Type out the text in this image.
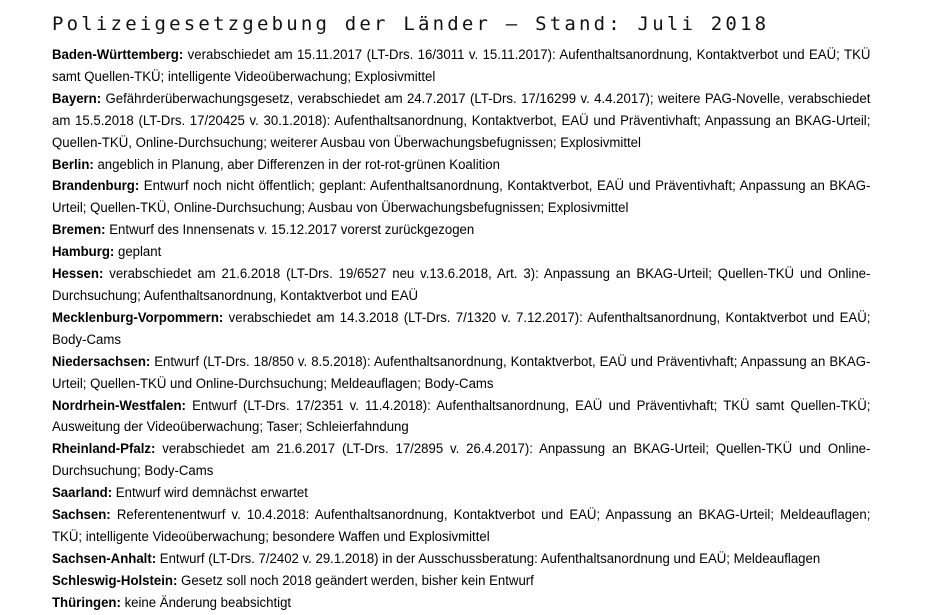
Polizeigesetzgebung der Länder – Stand: Juli 2018

Baden-Württemberg: verabschiedet am 15.11.2017 (LT-Drs. 16/3011 v. 15.11.2017): Aufenthaltsanordnung, Kontaktverbot und EAÜ; TKÜ samt Quellen-TKÜ; intelligente Videoüberwachung; Explosivmittel

Bayern: Gefährderüberwachungsgesetz, verabschiedet am 24.7.2017 (LT-Drs. 17/16299 v. 4.4.2017); weitere PAG-Novelle, verabschiedet am 15.5.2018 (LT-Drs. 17/20425 v. 30.1.2018): Aufenthaltsanordnung, Kontaktverbot, EAÜ und Präventivhaft; Anpassung an BKAG-Urteil; Quellen-TKÜ, Online-Durchsuchung; weiterer Ausbau von Überwachungsbefugnissen; Explosivmittel

Berlin: angeblich in Planung, aber Differenzen in der rot-rot-grünen Koalition

Brandenburg: Entwurf noch nicht öffentlich; geplant: Aufenthaltsanordnung, Kontaktverbot, EAÜ und Präventivhaft; Anpassung an BKAG-Urteil; Quellen-TKÜ, Online-Durchsuchung; Ausbau von Überwachungsbefugnissen; Explosivmittel

Bremen: Entwurf des Innensenats v. 15.12.2017 vorerst zurückgezogen

Hamburg: geplant

Hessen: verabschiedet am 21.6.2018 (LT-Drs. 19/6527 neu v.13.6.2018, Art. 3): Anpassung an BKAG-Urteil; Quellen-TKÜ und Online-Durchsuchung; Aufenthaltsanordnung, Kontaktverbot und EAÜ

Mecklenburg-Vorpommern: verabschiedet am 14.3.2018 (LT-Drs. 7/1320 v. 7.12.2017): Aufenthaltsanordnung, Kontaktverbot und EAÜ; Body-Cams

Niedersachsen: Entwurf (LT-Drs. 18/850 v. 8.5.2018): Aufenthaltsanordnung, Kontaktverbot, EAÜ und Präventivhaft; Anpassung an BKAG-Urteil; Quellen-TKÜ und Online-Durchsuchung; Meldeauflagen; Body-Cams

Nordrhein-Westfalen: Entwurf (LT-Drs. 17/2351 v. 11.4.2018): Aufenthaltsanordnung, EAÜ und Präventivhaft; TKÜ samt Quellen-TKÜ; Ausweitung der Videoüberwachung; Taser; Schleierfahndung

Rheinland-Pfalz: verabschiedet am 21.6.2017 (LT-Drs. 17/2895 v. 26.4.2017): Anpassung an BKAG-Urteil; Quellen-TKÜ und Online-Durchsuchung; Body-Cams

Saarland: Entwurf wird demnächst erwartet

Sachsen: Referentenentwurf v. 10.4.2018: Aufenthaltsanordnung, Kontaktverbot und EAÜ; Anpassung an BKAG-Urteil; Meldeauflagen; TKÜ; intelligente Videoüberwachung; besondere Waffen und Explosivmittel

Sachsen-Anhalt: Entwurf (LT-Drs. 7/2402 v. 29.1.2018) in der Ausschussberatung: Aufenthaltsanordnung und EAÜ; Meldeauflagen

Schleswig-Holstein: Gesetz soll noch 2018 geändert werden, bisher kein Entwurf

Thüringen: keine Änderung beabsichtigt
